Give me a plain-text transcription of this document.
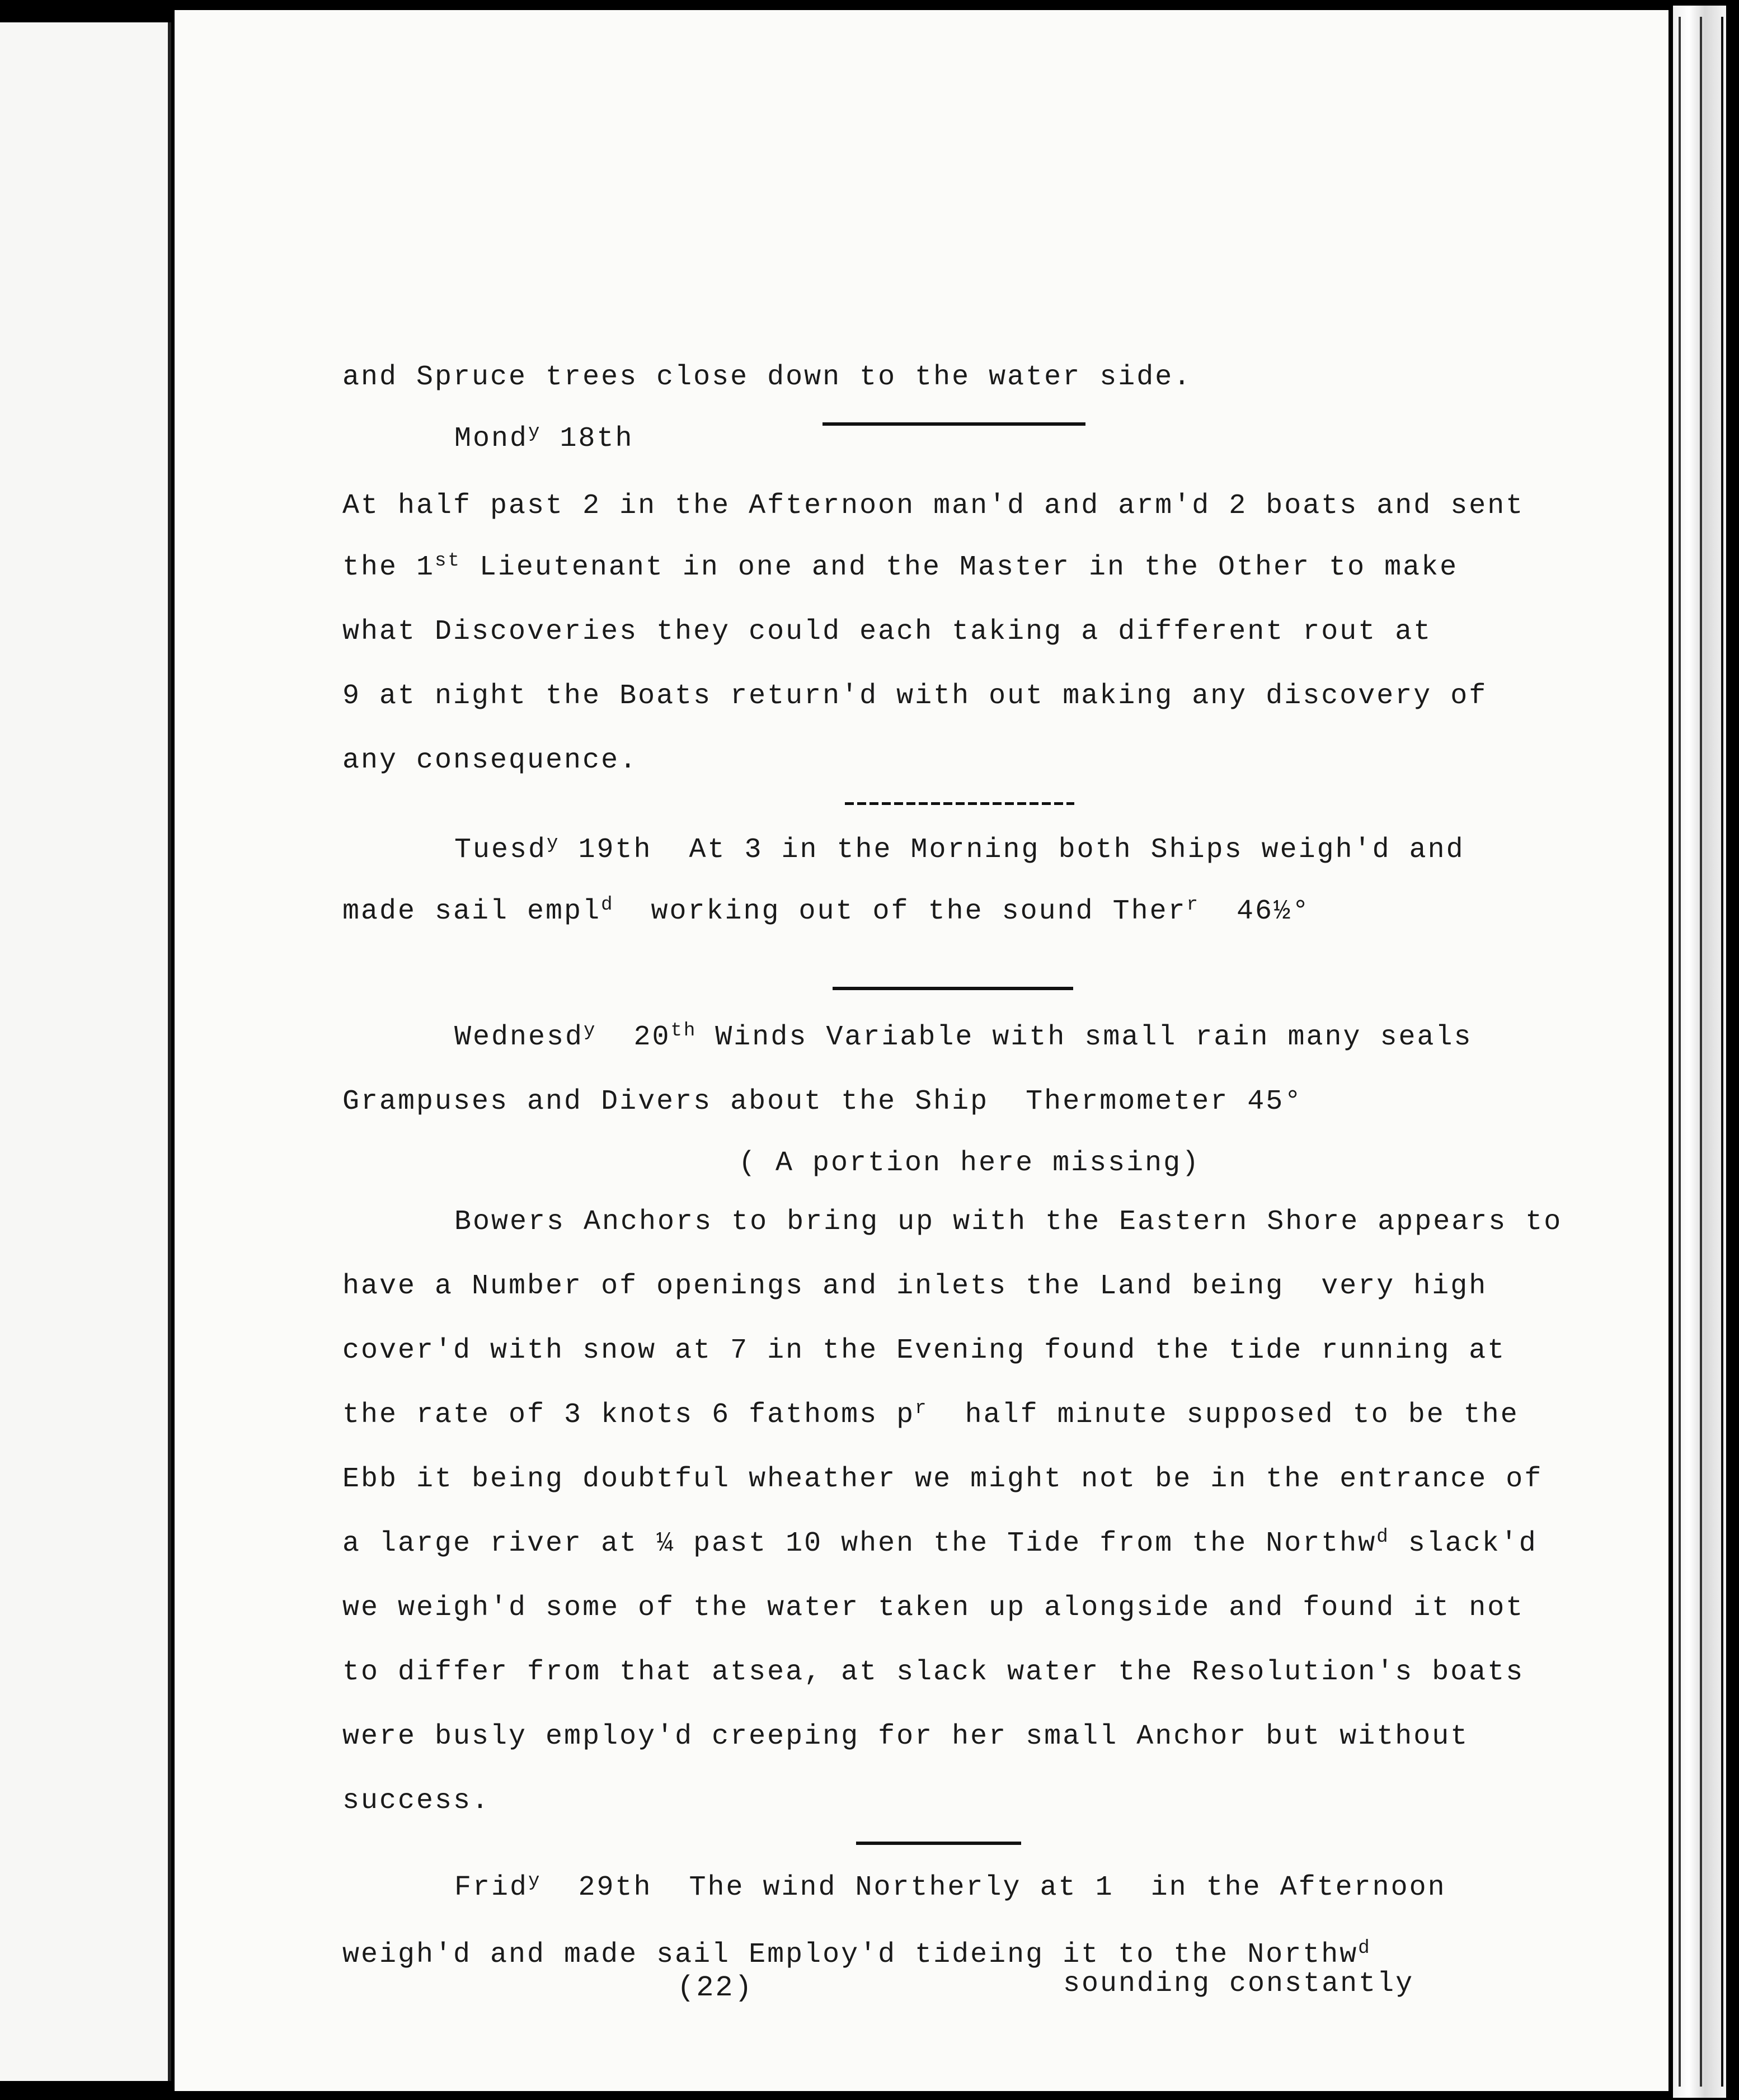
and Spruce trees close down to the water side.
Mond$^y$ 18th
At half past 2 in the Afternoon man'd and arm'd 2 boats and sent
the 1st Lieutenant in one and the Master in the Other to make
what Discoveries they could each taking a different rout at
9 at night the Boats return'd with out making any discovery of
any consequence.
Tuesd$^y$ 19th  At 3 in the Morning both Ships weigh'd and
made sail empl$^d$  working out of the sound Ther$^r$  46½°
Wednesd$^y$  20th Winds Variable with small rain many seals
Grampuses and Divers about the Ship  Thermometer 45°
( A portion here missing)
Bowers Anchors to bring up with the Eastern Shore appears to
have a Number of openings and inlets the Land being  very high
cover'd with snow at 7 in the Evening found the tide running at
the rate of 3 knots 6 fathoms $p^r$  half minute supposed to be the
Ebb it being doubtful wheather we might not be in the entrance of
a large river at ¼ past 10 when the Tide from the Northw$^d$ slack'd
we weigh'd some of the water taken up alongside and found it not
to differ from that atsea, at slack water the Resolution's boats
were busly employ'd creeping for her small Anchor but without
success.
Frid$^y$  29th  The wind Northerly at 1  in the Afternoon
weigh'd and made sail Employ'd tideing it to the Northw$^d$
sounding constantly
(22)
